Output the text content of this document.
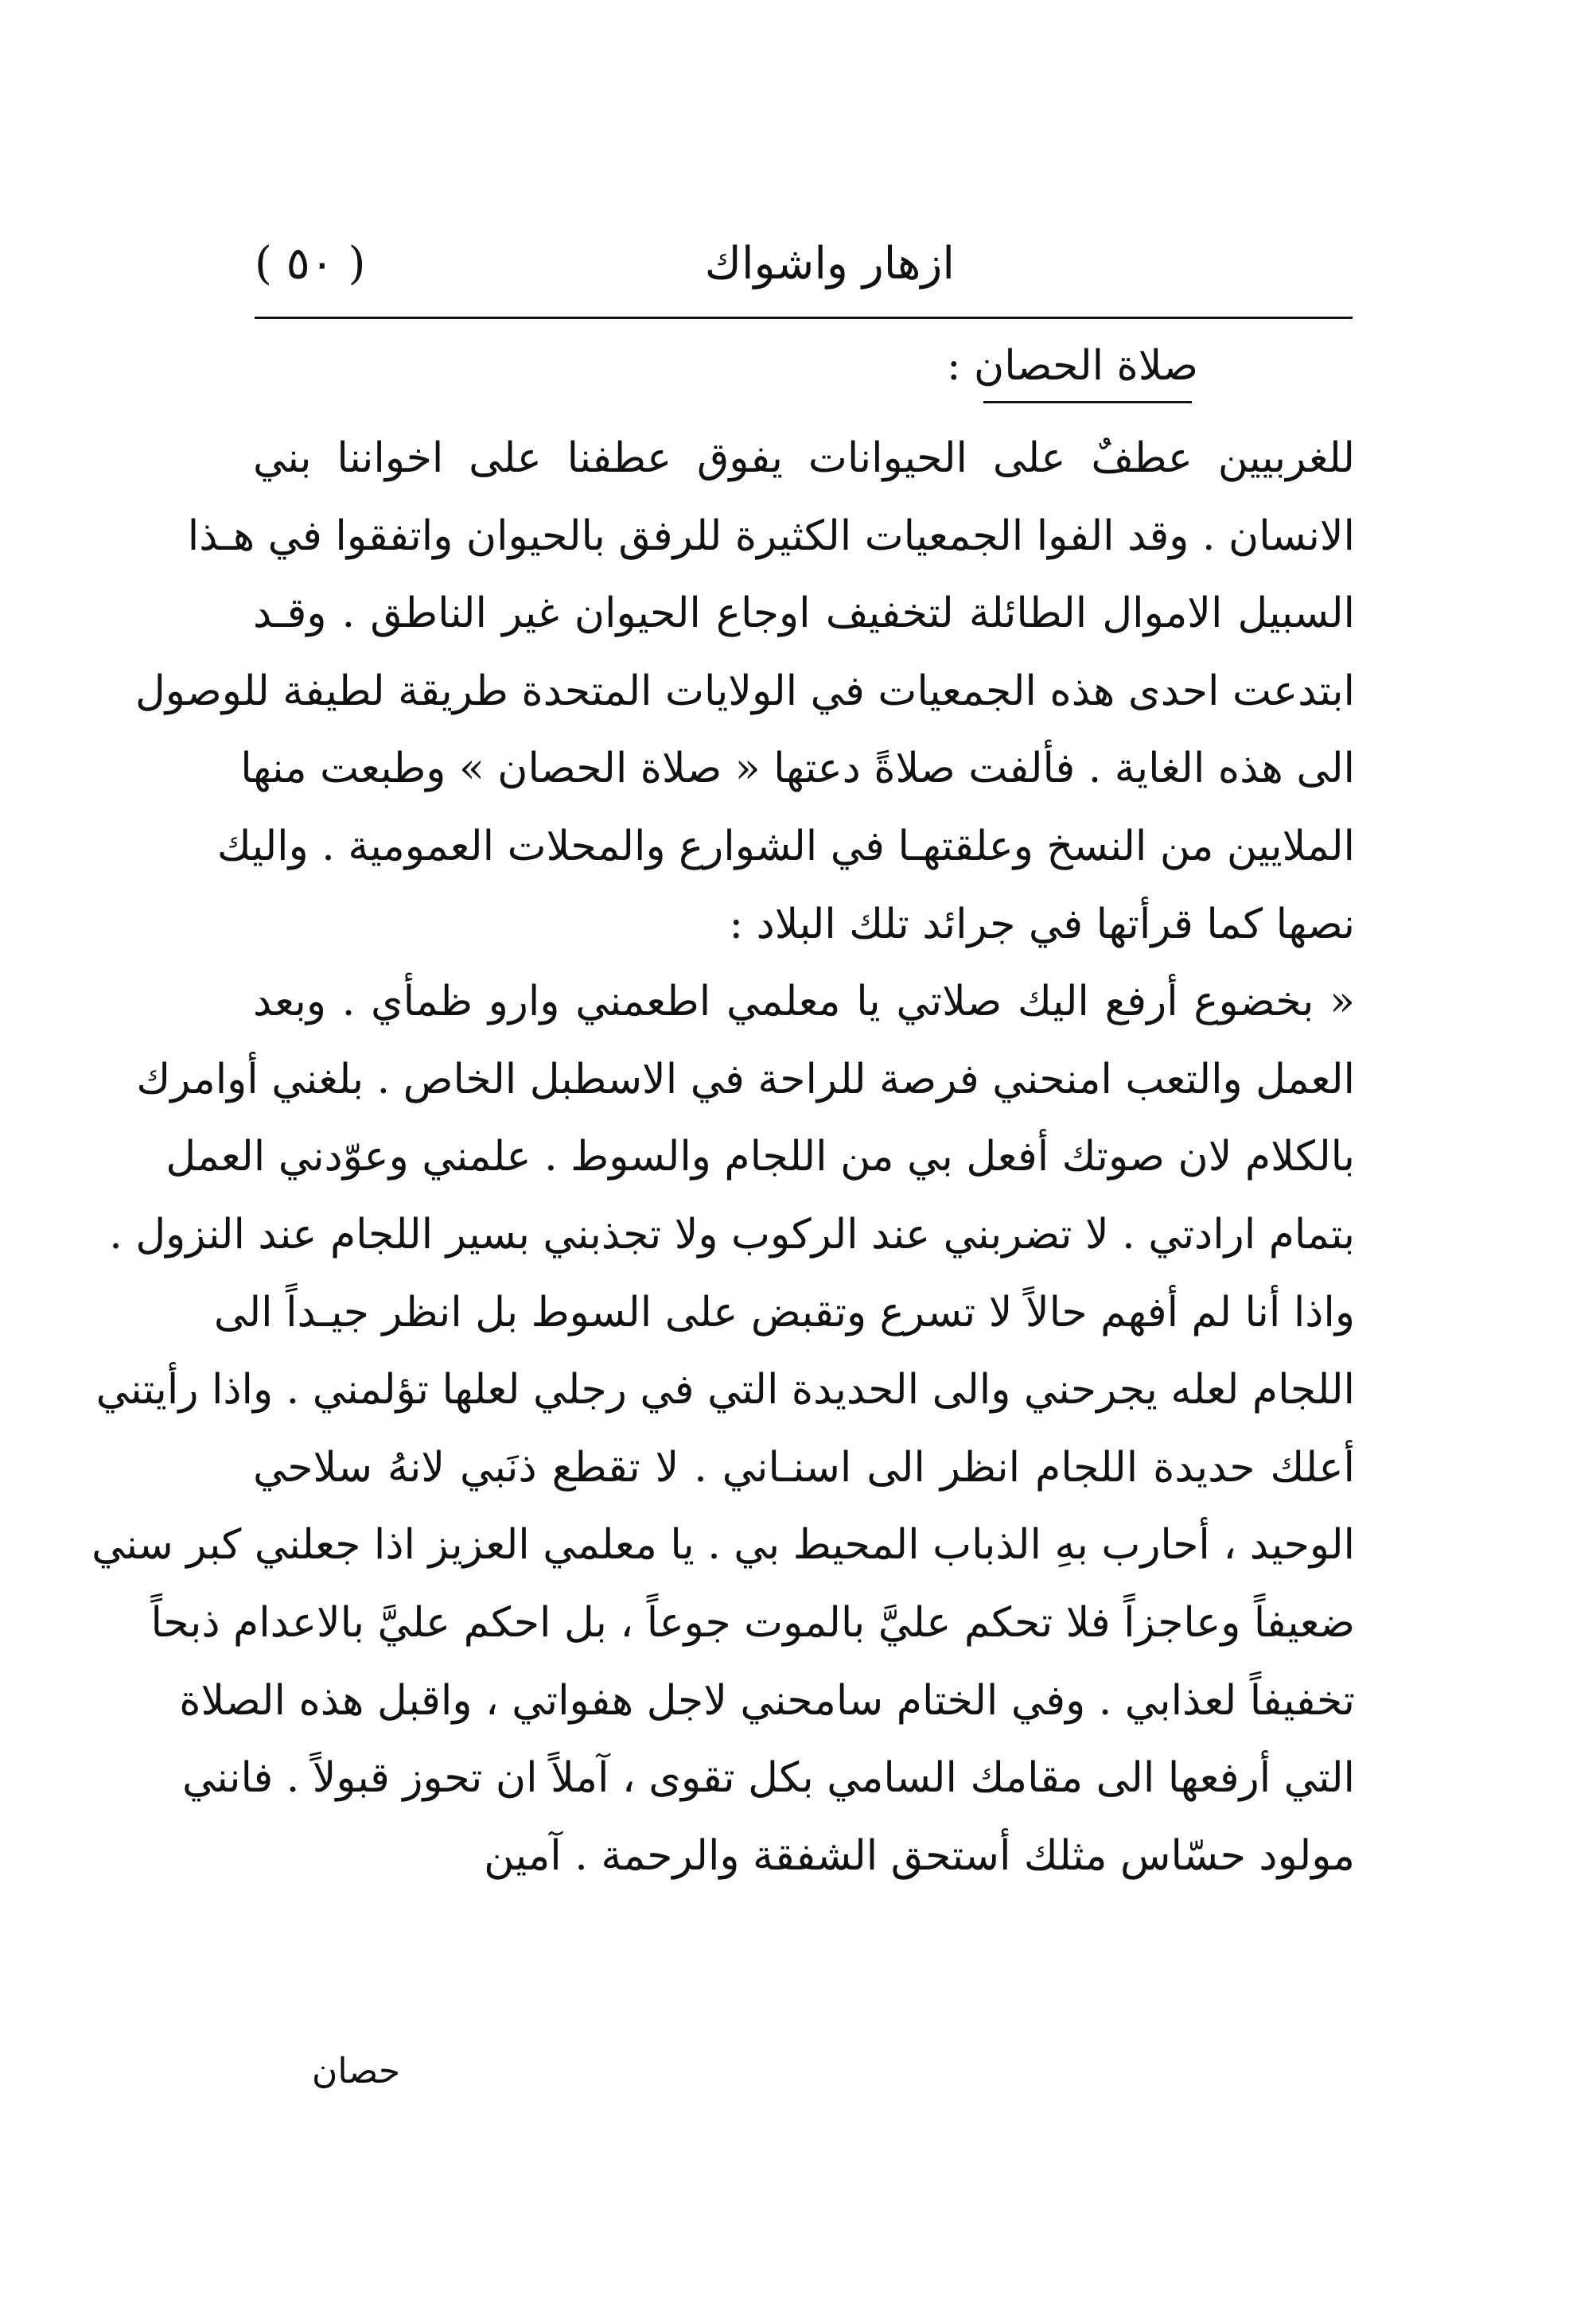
ازهار واشواك
( ٥٠ )
صلاة الحصان :
للغربيين عطفٌ على الحيوانات يفوق عطفنا على اخواننا بني
الانسان . وقد الفوا الجمعيات الكثيرة للرفق بالحيوان واتفقوا في هـذا
السبيل الاموال الطائلة لتخفيف اوجاع الحيوان غير الناطق . وقـد
ابتدعت احدى هذه الجمعيات في الولايات المتحدة طريقة لطيفة للوصول
الى هذه الغاية . فألفت صلاةً دعتها « صلاة الحصان » وطبعت منها
الملايين من النسخ وعلقتهـا في الشوارع والمحلات العمومية . واليك
نصها كما قرأتها في جرائد تلك البلاد :
« بخضوع أرفع اليك صلاتي يا معلمي اطعمني وارو ظمأي . وبعد
العمل والتعب امنحني فرصة للراحة في الاسطبل الخاص . بلغني أوامرك
بالكلام لان صوتك أفعل بي من اللجام والسوط . علمني وعوّدني العمل
بتمام ارادتي . لا تضربني عند الركوب ولا تجذبني بسير اللجام عند النزول .
واذا أنا لم أفهم حالاً لا تسرع وتقبض على السوط بل انظر جيـداً الى
اللجام لعله يجرحني والى الحديدة التي في رجلي لعلها تؤلمني . واذا رأيتني
أعلك حديدة اللجام انظر الى اسنـاني . لا تقطع ذنَبي لانهُ سلاحي
الوحيد ، أحارب بهِ الذباب المحيط بي . يا معلمي العزيز اذا جعلني كبر سني
ضعيفاً وعاجزاً فلا تحكم عليَّ بالموت جوعاً ، بل احكم عليَّ بالاعدام ذبحاً
تخفيفاً لعذابي . وفي الختام سامحني لاجل هفواتي ، واقبل هذه الصلاة
التي أرفعها الى مقامك السامي بكل تقوى ، آملاً ان تحوز قبولاً . فانني
مولود حسّاس مثلك أستحق الشفقة والرحمة . آمين
حصان
